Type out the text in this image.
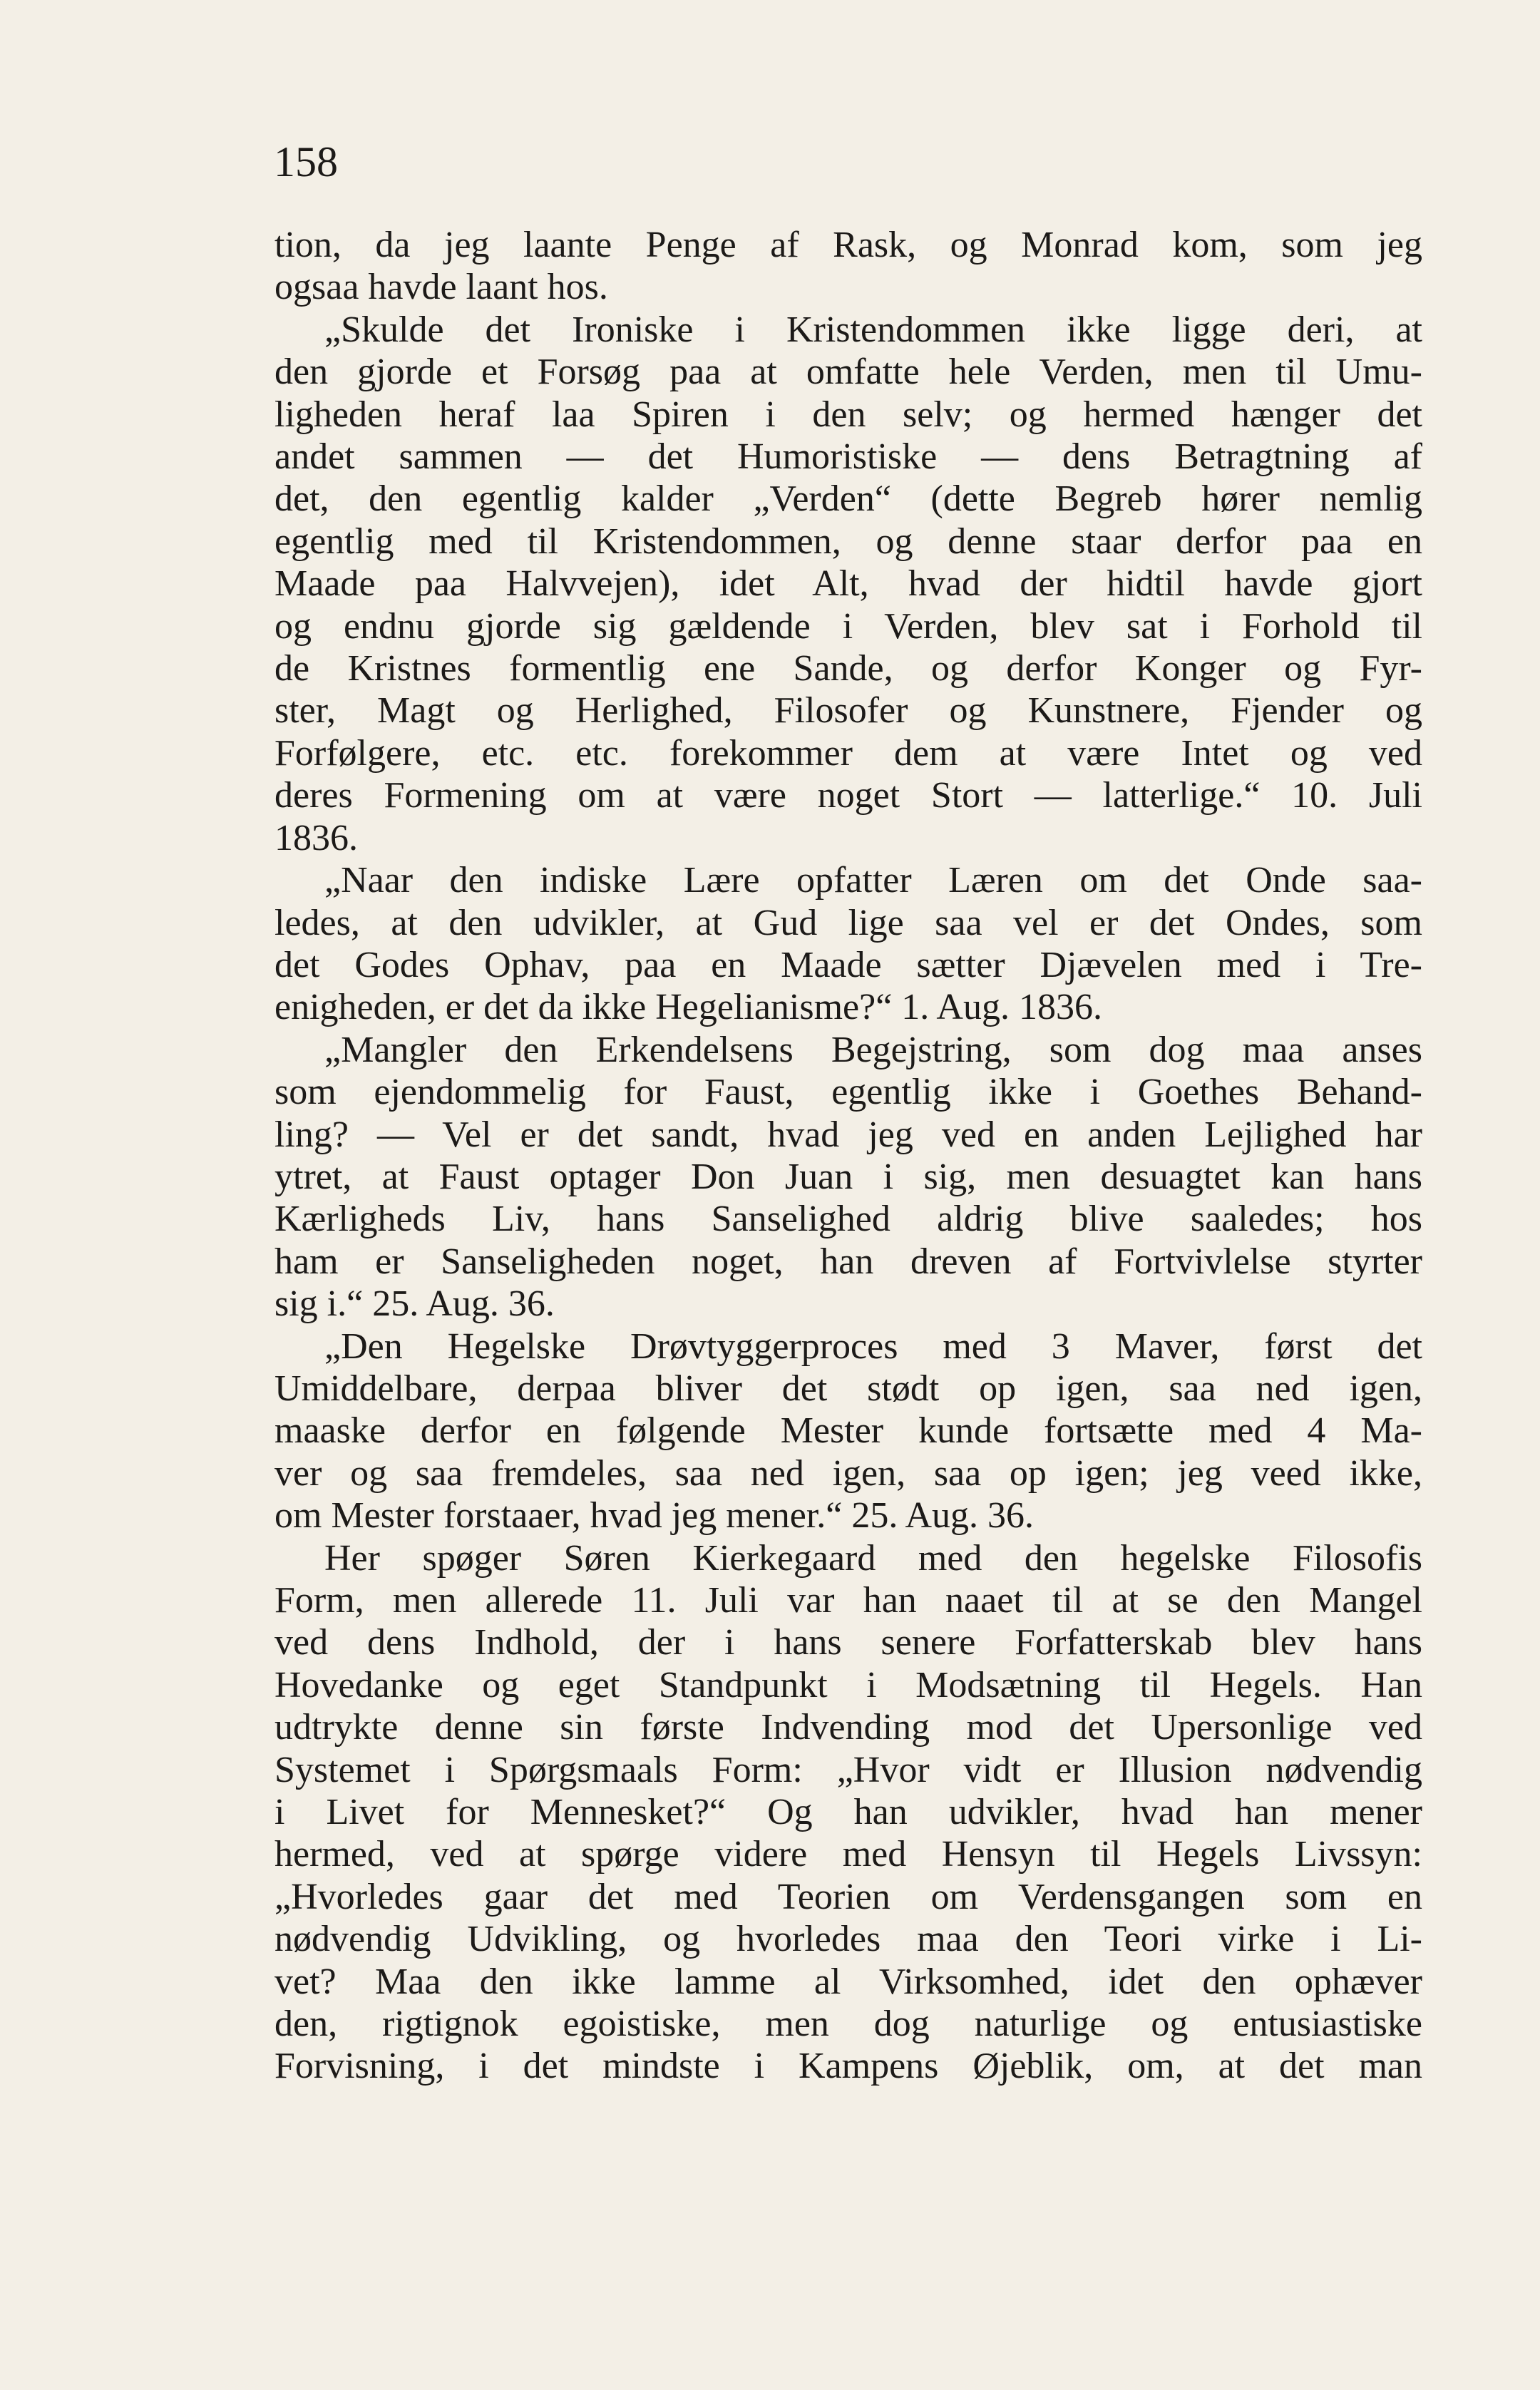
158
tion, da jeg laante Penge af Rask, og Monrad kom, som jeg
ogsaa havde laant hos.
„Skulde det Ironiske i Kristendommen ikke ligge deri, at
den gjorde et Forsøg paa at omfatte hele Verden, men til Umu-
ligheden heraf laa Spiren i den selv; og hermed hænger det
andet sammen — det Humoristiske — dens Betragtning af
det, den egentlig kalder „Verden“ (dette Begreb hører nemlig
egentlig med til Kristendommen, og denne staar derfor paa en
Maade paa Halvvejen), idet Alt, hvad der hidtil havde gjort
og endnu gjorde sig gældende i Verden, blev sat i Forhold til
de Kristnes formentlig ene Sande, og derfor Konger og Fyr-
ster, Magt og Herlighed, Filosofer og Kunstnere, Fjender og
Forfølgere, etc. etc. forekommer dem at være Intet og ved
deres Formening om at være noget Stort — latterlige.“ 10. Juli
1836.
„Naar den indiske Lære opfatter Læren om det Onde saa-
ledes, at den udvikler, at Gud lige saa vel er det Ondes, som
det Godes Ophav, paa en Maade sætter Djævelen med i Tre-
enigheden, er det da ikke Hegelianisme?“ 1. Aug. 1836.
„Mangler den Erkendelsens Begejstring, som dog maa anses
som ejendommelig for Faust, egentlig ikke i Goethes Behand-
ling? — Vel er det sandt, hvad jeg ved en anden Lejlighed har
ytret, at Faust optager Don Juan i sig, men desuagtet kan hans
Kærligheds Liv, hans Sanselighed aldrig blive saaledes; hos
ham er Sanseligheden noget, han dreven af Fortvivlelse styrter
sig i.“ 25. Aug. 36.
„Den Hegelske Drøvtyggerproces med 3 Maver, først det
Umiddelbare, derpaa bliver det stødt op igen, saa ned igen,
maaske derfor en følgende Mester kunde fortsætte med 4 Ma-
ver og saa fremdeles, saa ned igen, saa op igen; jeg veed ikke,
om Mester forstaaer, hvad jeg mener.“ 25. Aug. 36.
Her spøger Søren Kierkegaard med den hegelske Filosofis
Form, men allerede 11. Juli var han naaet til at se den Mangel
ved dens Indhold, der i hans senere Forfatterskab blev hans
Hovedanke og eget Standpunkt i Modsætning til Hegels. Han
udtrykte denne sin første Indvending mod det Upersonlige ved
Systemet i Spørgsmaals Form: „Hvor vidt er Illusion nødvendig
i Livet for Mennesket?“ Og han udvikler, hvad han mener
hermed, ved at spørge videre med Hensyn til Hegels Livssyn:
„Hvorledes gaar det med Teorien om Verdensgangen som en
nødvendig Udvikling, og hvorledes maa den Teori virke i Li-
vet? Maa den ikke lamme al Virksomhed, idet den ophæver
den, rigtignok egoistiske, men dog naturlige og entusiastiske
Forvisning, i det mindste i Kampens Øjeblik, om, at det man
